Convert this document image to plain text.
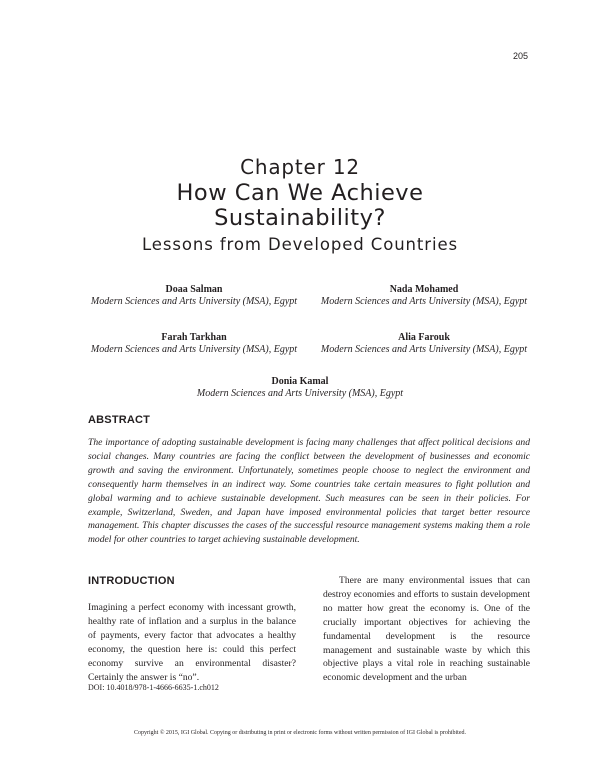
205
Chapter 12
How Can We Achieve
Sustainability?
Lessons from Developed Countries
Doaa Salman
Modern Sciences and Arts University (MSA), Egypt
Nada Mohamed
Modern Sciences and Arts University (MSA), Egypt
Farah Tarkhan
Modern Sciences and Arts University (MSA), Egypt
Alia Farouk
Modern Sciences and Arts University (MSA), Egypt
Donia Kamal
Modern Sciences and Arts University (MSA), Egypt
ABSTRACT
The importance of adopting sustainable development is facing many challenges that affect political decisions and social changes. Many countries are facing the conflict between the development of businesses and economic growth and saving the environment. Unfortunately, sometimes people choose to neglect the environment and consequently harm themselves in an indirect way. Some countries take certain measures to fight pollution and global warming and to achieve sustainable development. Such measures can be seen in their policies. For example, Switzerland, Sweden, and Japan have imposed environmental policies that target better resource management. This chapter discusses the cases of the successful resource management systems making them a role model for other countries to target achieving sustainable development.
INTRODUCTION
Imagining a perfect economy with incessant growth, healthy rate of inflation and a surplus in the balance of payments, every factor that advocates a healthy economy, the question here is: could this perfect economy survive an environmental disaster? Certainly the answer is “no”.
There are many environmental issues that can destroy economies and efforts to sustain development no matter how great the economy is. One of the crucially important objectives for achieving the fundamental development is the resource management and sustainable waste by which this objective plays a vital role in reaching sustainable economic development and the urban
DOI: 10.4018/978-1-4666-6635-1.ch012
Copyright © 2015, IGI Global. Copying or distributing in print or electronic forms without written permission of IGI Global is prohibited.
